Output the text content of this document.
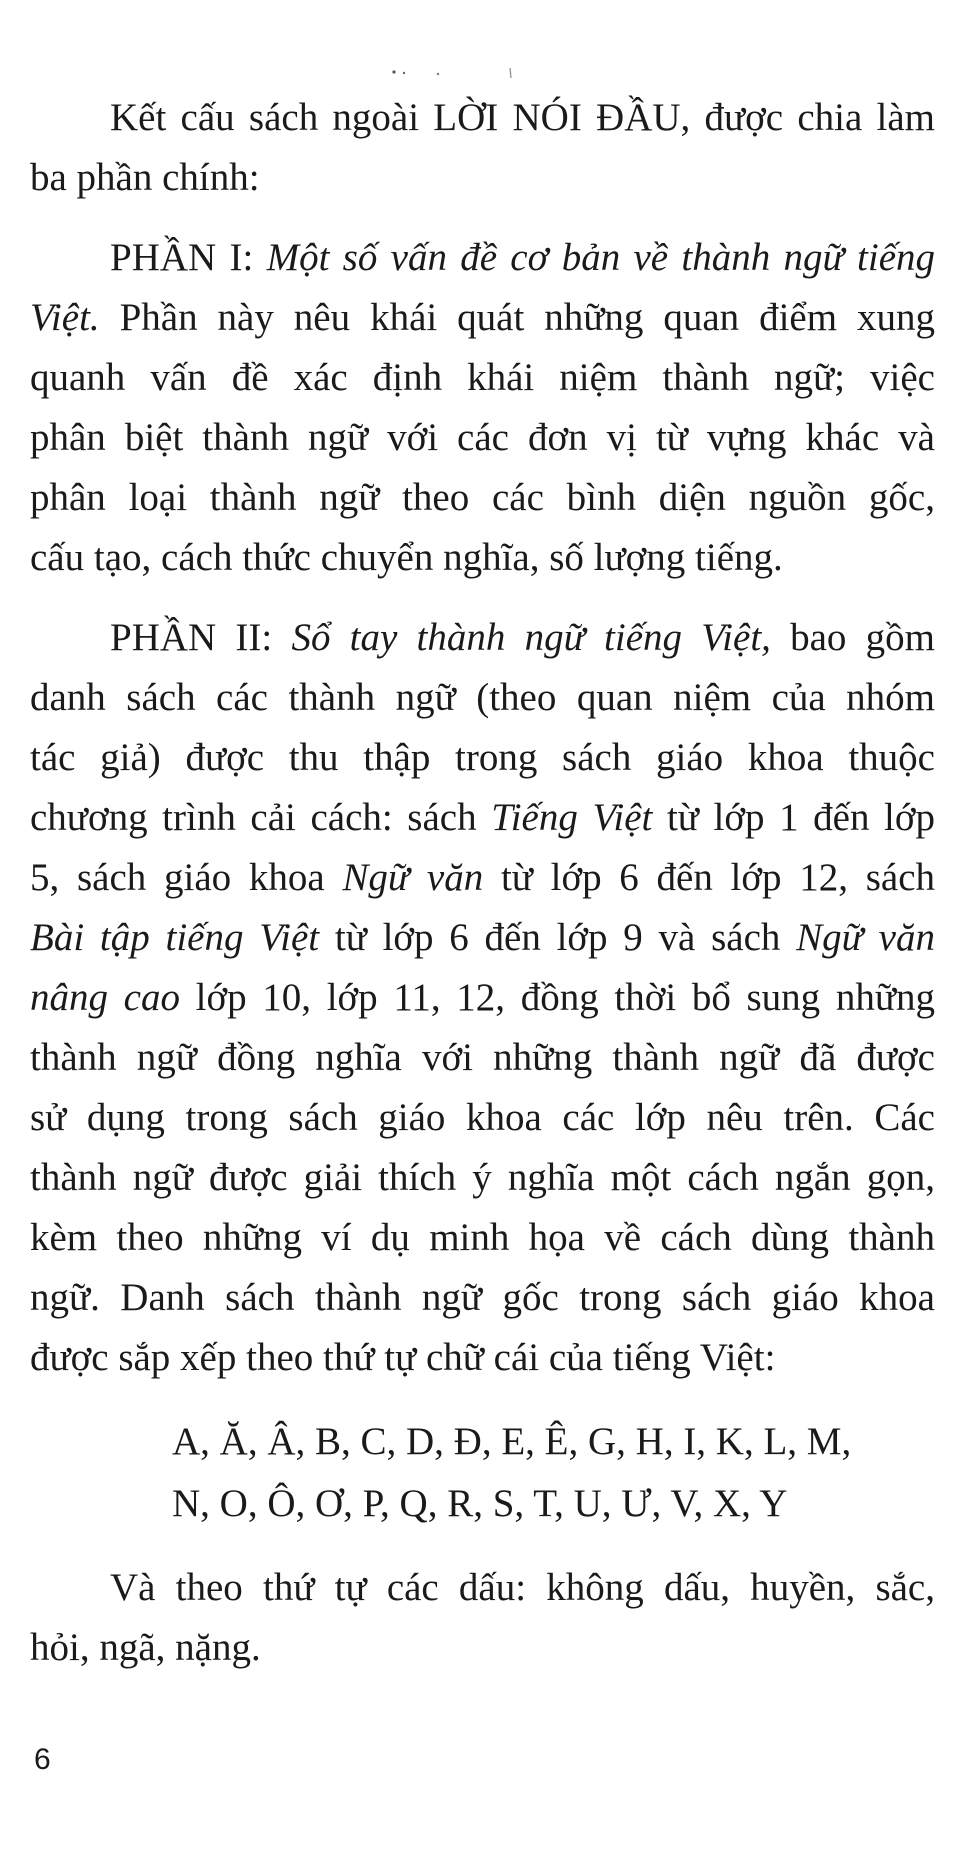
Kết cấu sách ngoài LỜI NÓI ĐẦU, được chia làm
ba phần chính:
PHẦN I: Một số vấn đề cơ bản về thành ngữ tiếng
Việt. Phần này nêu khái quát những quan điểm xung
quanh vấn đề xác định khái niệm thành ngữ; việc
phân biệt thành ngữ với các đơn vị từ vựng khác và
phân loại thành ngữ theo các bình diện nguồn gốc,
cấu tạo, cách thức chuyển nghĩa, số lượng tiếng.
PHẦN II: Sổ tay thành ngữ tiếng Việt, bao gồm
danh sách các thành ngữ (theo quan niệm của nhóm
tác giả) được thu thập trong sách giáo khoa thuộc
chương trình cải cách: sách Tiếng Việt từ lớp 1 đến lớp
5, sách giáo khoa Ngữ văn từ lớp 6 đến lớp 12, sách
Bài tập tiếng Việt từ lớp 6 đến lớp 9 và sách Ngữ văn
nâng cao lớp 10, lớp 11, 12, đồng thời bổ sung những
thành ngữ đồng nghĩa với những thành ngữ đã được
sử dụng trong sách giáo khoa các lớp nêu trên. Các
thành ngữ được giải thích ý nghĩa một cách ngắn gọn,
kèm theo những ví dụ minh họa về cách dùng thành
ngữ. Danh sách thành ngữ gốc trong sách giáo khoa
được sắp xếp theo thứ tự chữ cái của tiếng Việt:
A, Ă, Â, B, C, D, Đ, E, Ê, G, H, I, K, L, M,
N, O, Ô, Ơ, P, Q, R, S, T, U, Ư, V, X, Y
Và theo thứ tự các dấu: không dấu, huyền, sắc,
hỏi, ngã, nặng.
6
